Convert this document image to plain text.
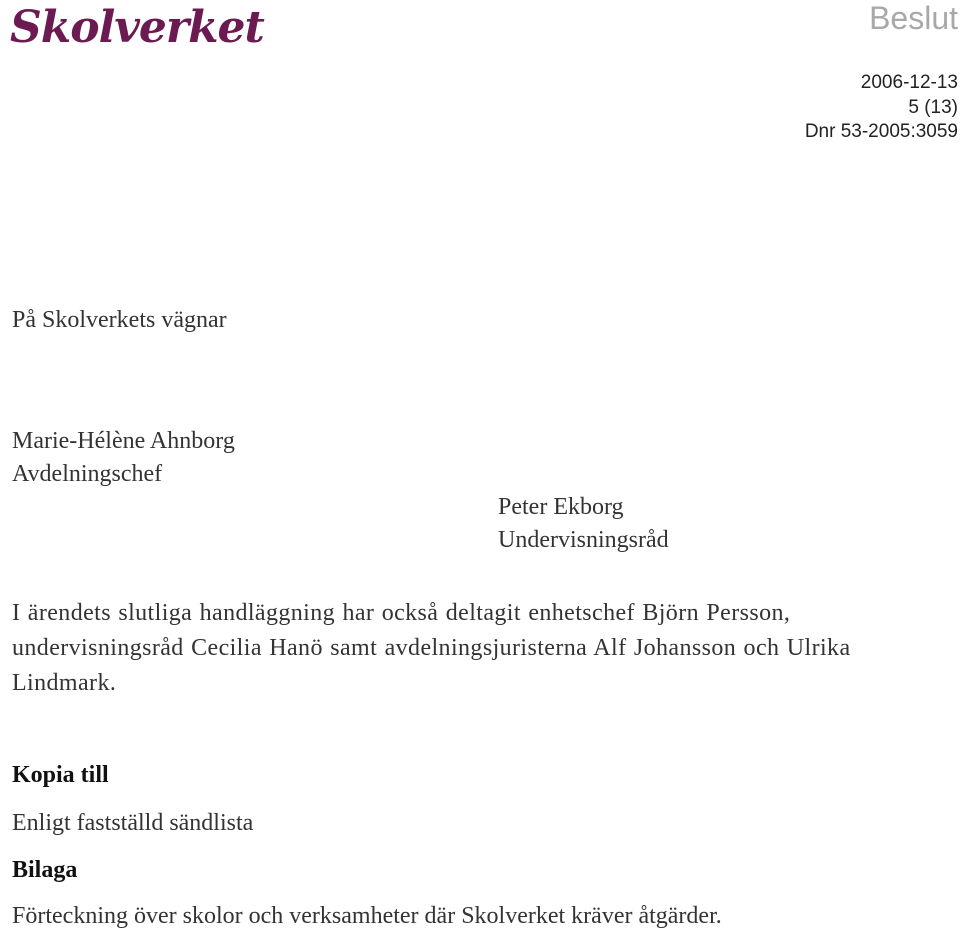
Skolverket	Beslut
2006-12-13
5 (13)
Dnr 53-2005:3059
På Skolverkets vägnar
Marie-Hélène Ahnborg
Avdelningschef
Peter Ekborg
Undervisningsråd
I ärendets slutliga handläggning har också deltagit enhetschef Björn Persson, undervisningsråd Cecilia Hanö samt avdelningsjuristerna Alf Johansson och Ulrika Lindmark.
Kopia till
Enligt fastställd sändlista
Bilaga
Förteckning över skolor och verksamheter där Skolverket kräver åtgärder.
